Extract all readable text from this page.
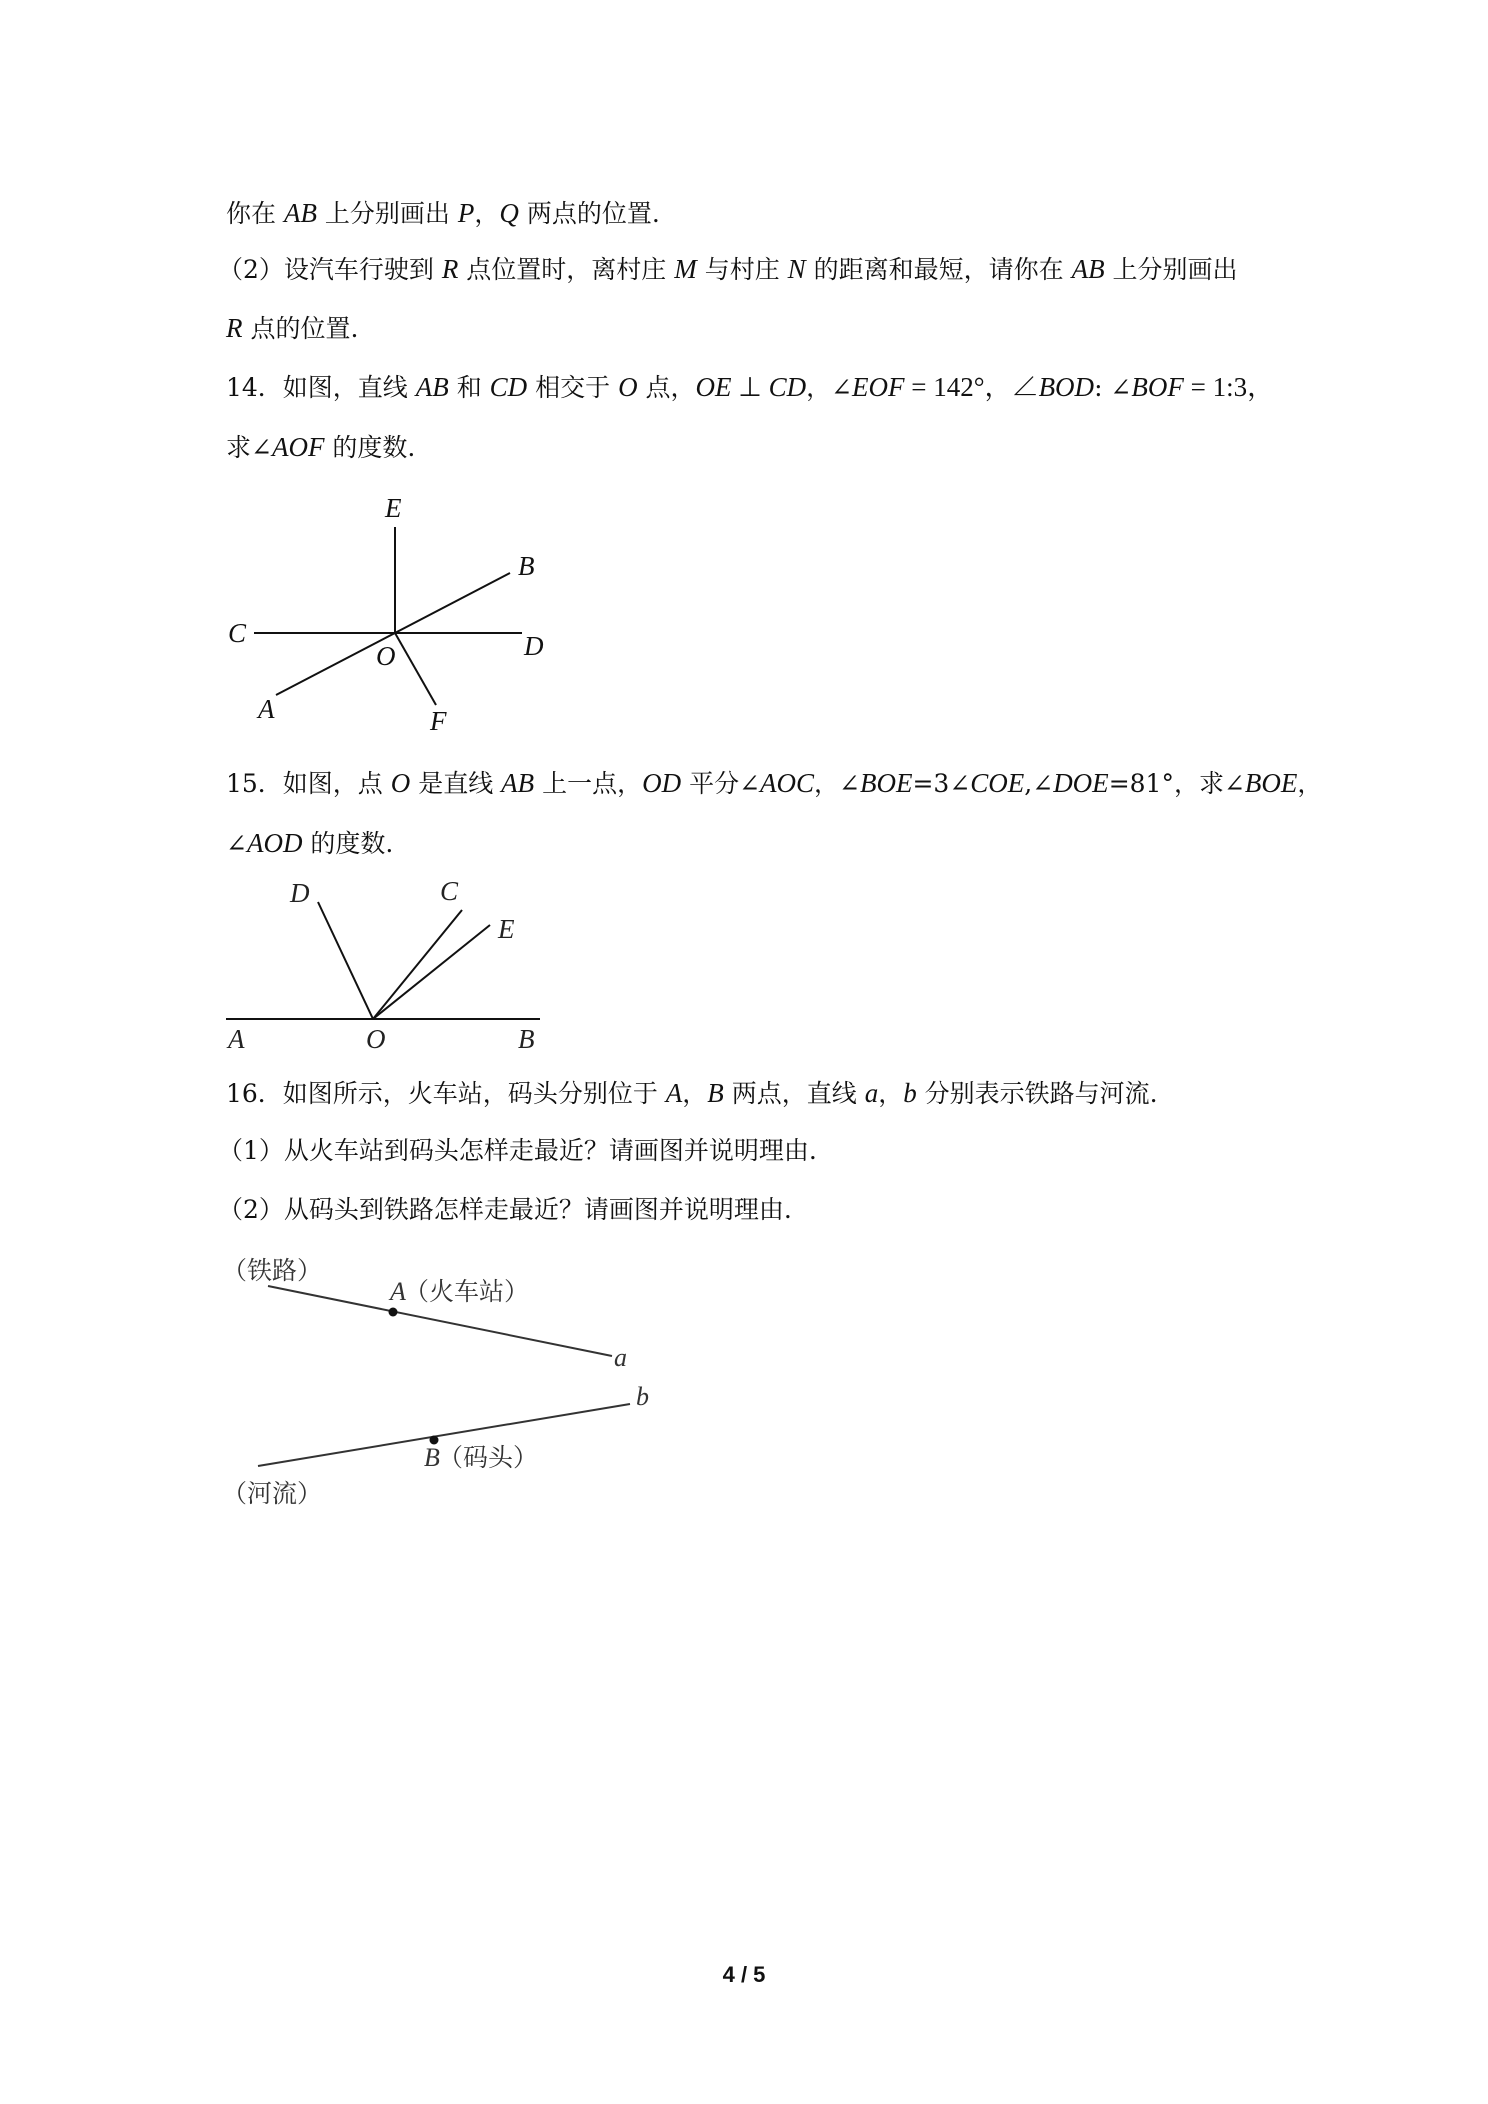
你在 AB 上分别画出 P，Q 两点的位置.
（2）设汽车行驶到 R 点位置时，离村庄 M 与村庄 N 的距离和最短，请你在 AB 上分别画出
R 点的位置.
14．如图，直线 AB 和 CD 相交于 O 点，OE ⊥ CD，∠EOF = 142°，∠BOD: ∠BOF = 1:3，
求∠AOF 的度数.
E
B
C
O	D
A	F
15．如图，点 O 是直线 AB 上一点，OD 平分∠AOC，∠BOE=3∠COE,∠DOE=81°，求∠BOE，
∠AOD 的度数.
D	C
E
A	O	B
16．如图所示，火车站，码头分别位于 A，B 两点，直线 a，b 分别表示铁路与河流.
（1）从火车站到码头怎样走最近？请画图并说明理由.
（2）从码头到铁路怎样走最近？请画图并说明理由.
（铁路）
A
（火车站）
a
b
B
（码头）
（河流）
4 / 5
